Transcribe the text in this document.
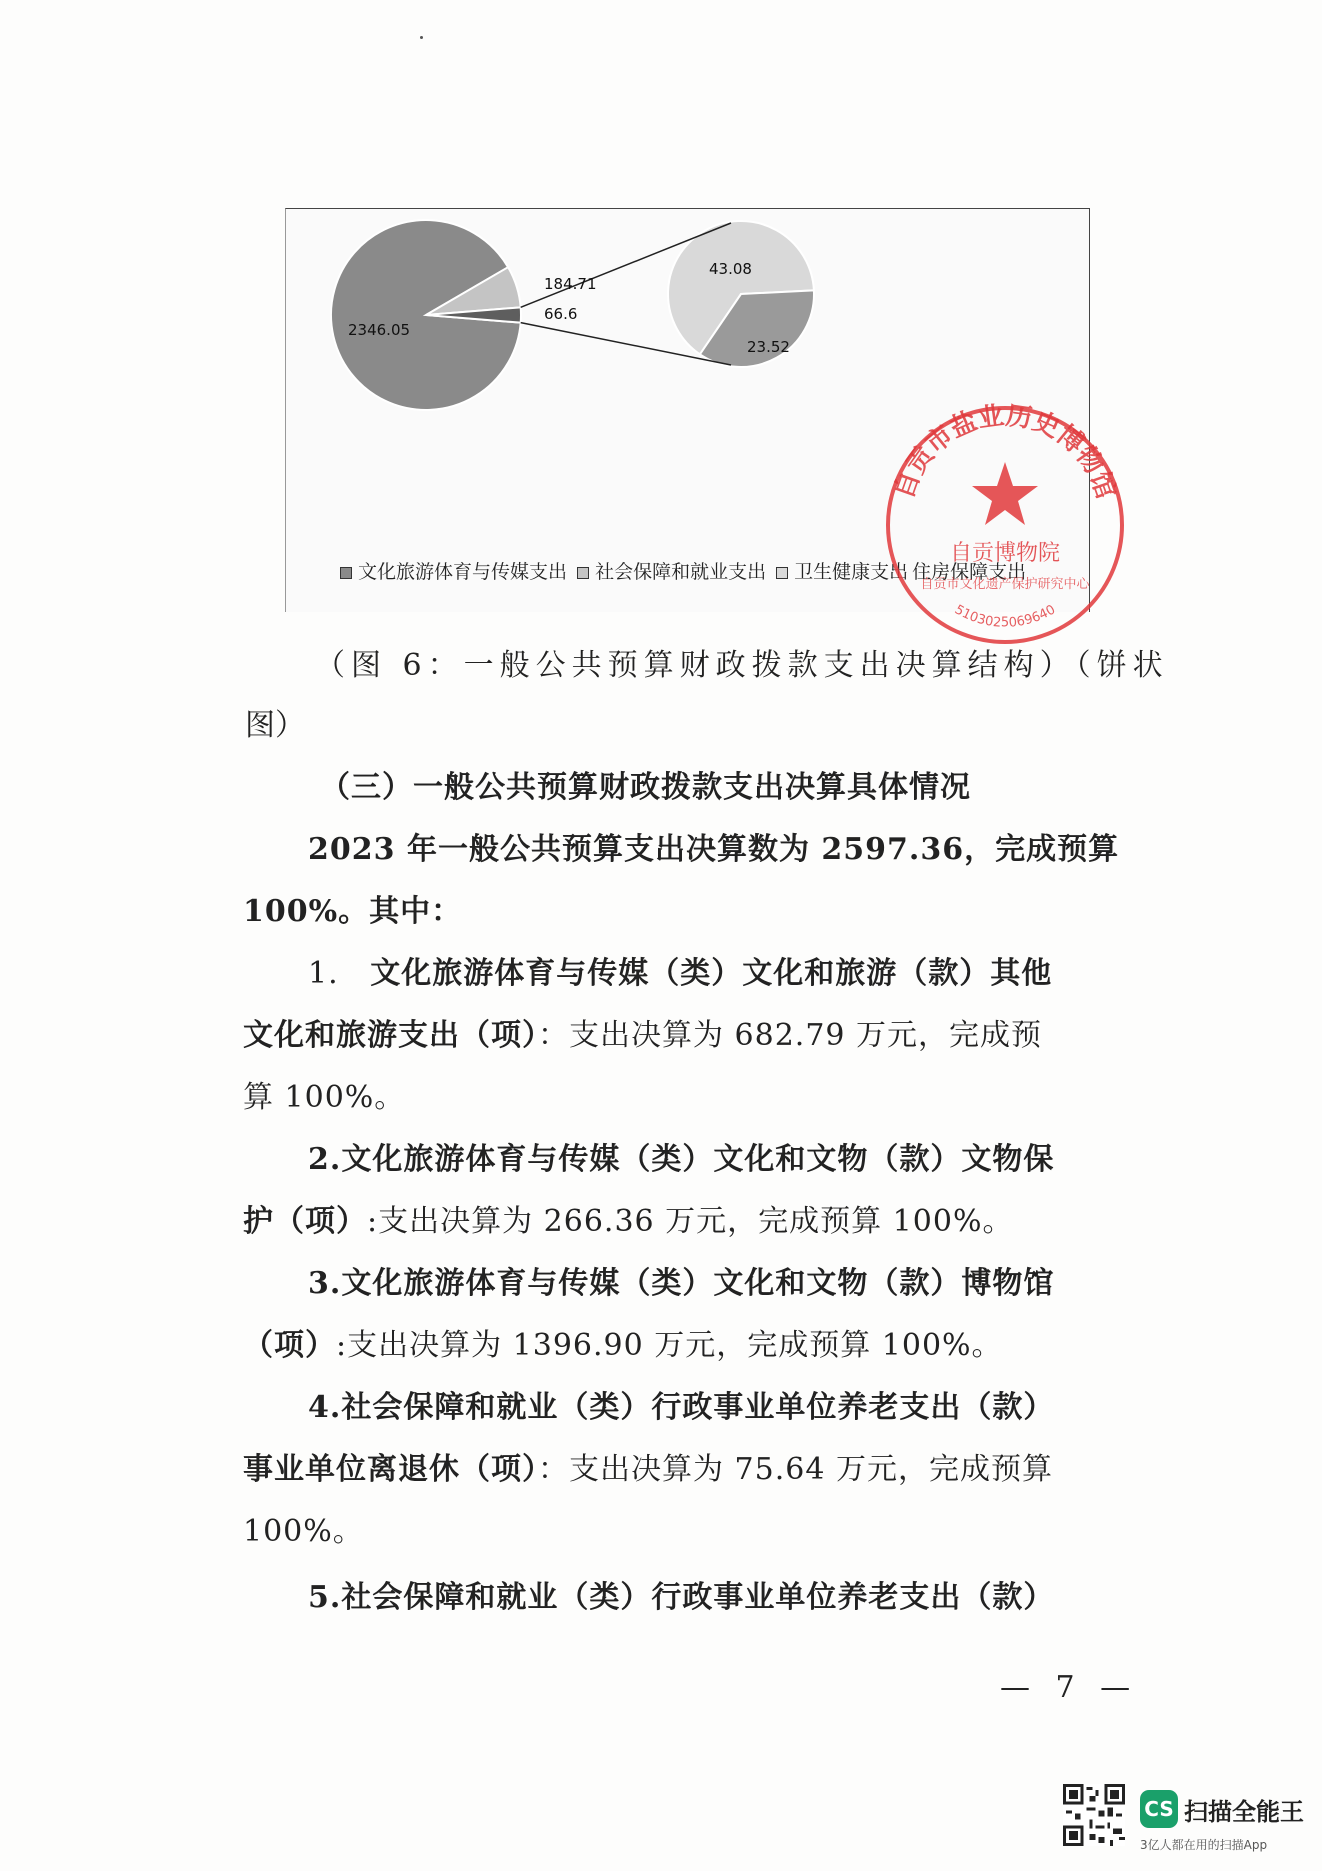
2346.05
184.71
66.6
43.08
23.52
文化旅游体育与传媒支出 社会保障和就业支出 卫生健康支出 住房保障支出
自贡市盐业历史博物馆
自贡博物院
自贡市文化遗产保护研究中心
5103025069640
（图 6：一般公共预算财政拨款支出决算结构）（饼状
图）
（三）一般公共预算财政拨款支出决算具体情况
2023 年一般公共预算支出决算数为 2597.36，完成预算
100%。其中：
1. 文化旅游体育与传媒（类）文化和旅游（款）其他
文化和旅游支出（项）：支出决算为 682.79 万元，完成预
算 100%。
2.文化旅游体育与传媒（类）文化和文物（款）文物保
护（项）:支出决算为 266.36 万元，完成预算 100%。
3.文化旅游体育与传媒（类）文化和文物（款）博物馆
（项）:支出决算为 1396.90 万元，完成预算 100%。
4.社会保障和就业（类）行政事业单位养老支出（款）
事业单位离退休（项）：支出决算为 75.64 万元，完成预算
100%。
5.社会保障和就业（类）行政事业单位养老支出（款）
— 7 —
CS 扫描全能王
3亿人都在用的扫描App
